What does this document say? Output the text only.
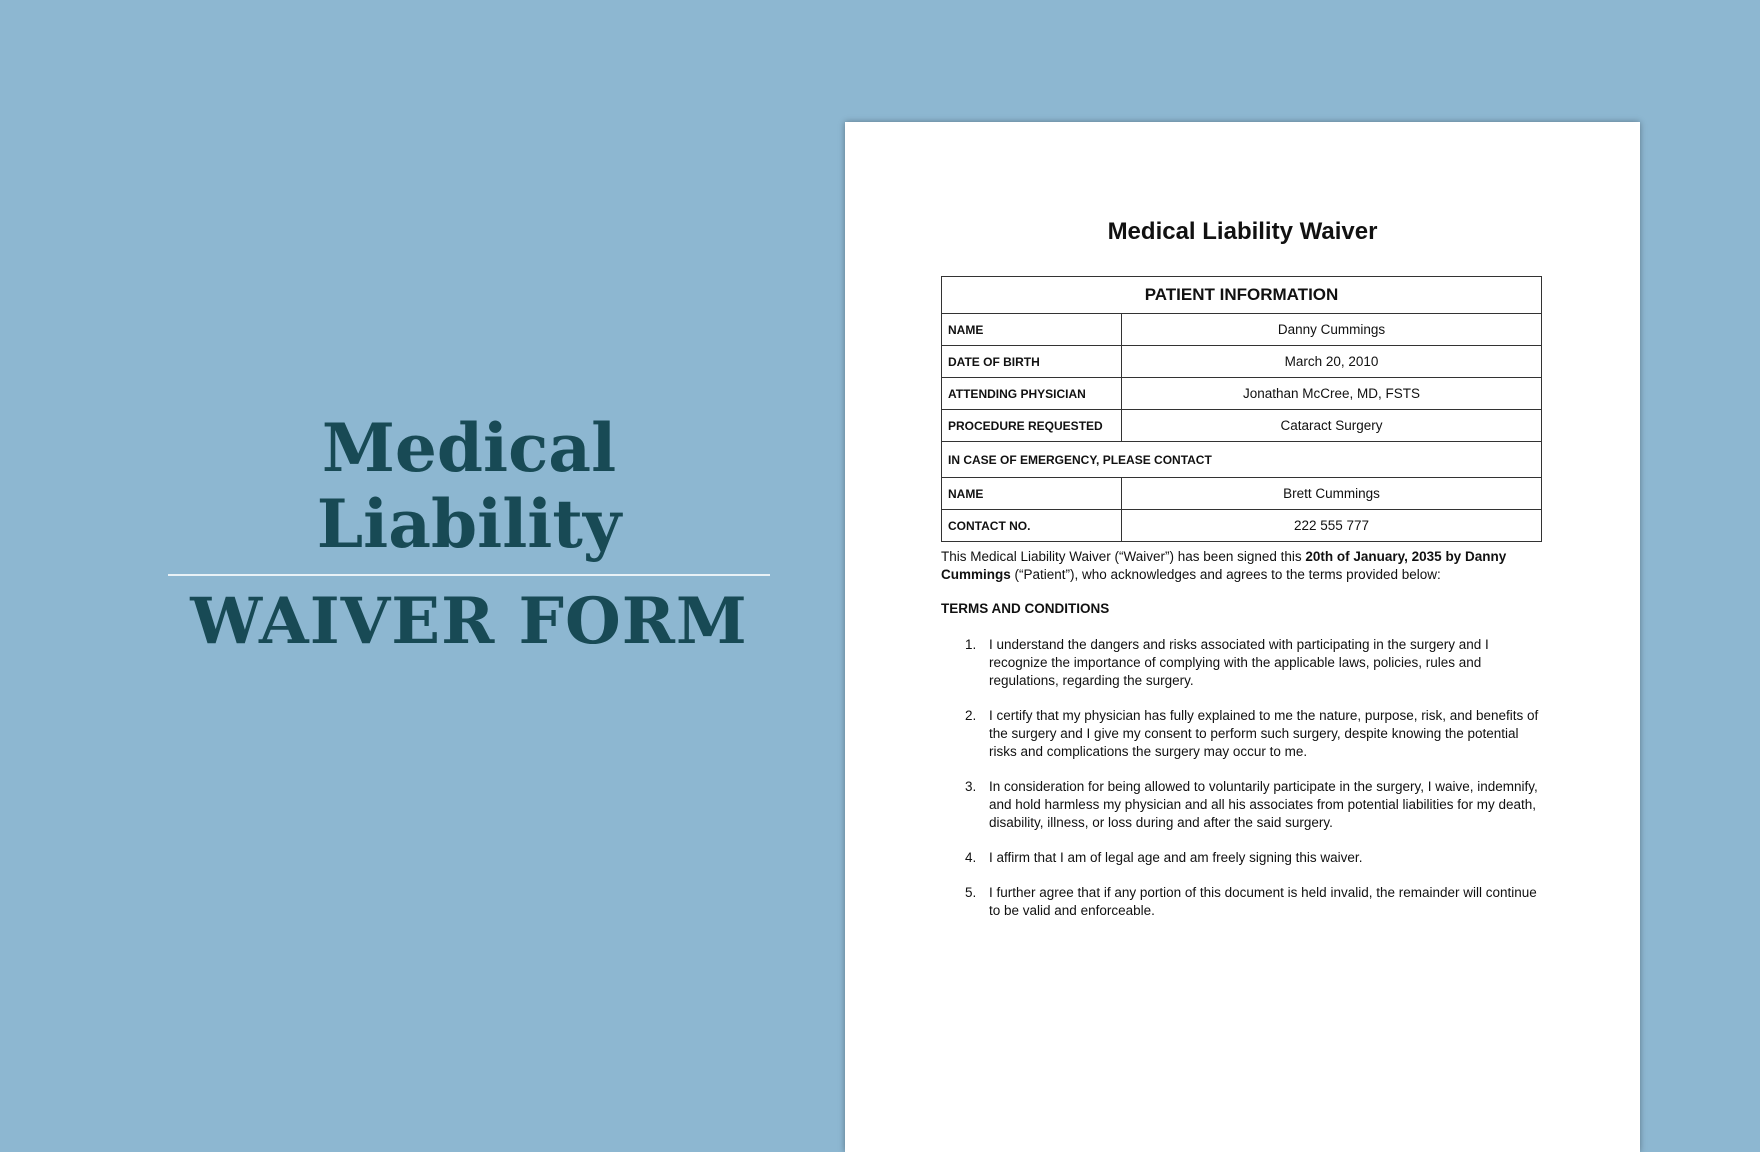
Medical Liability
WAIVER FORM
Medical Liability Waiver
PATIENT INFORMATION	
NAME	Danny Cummings
DATE OF BIRTH	March 20, 2010
ATTENDING PHYSICIAN	Jonathan McCree, MD, FSTS
PROCEDURE REQUESTED	Cataract Surgery
IN CASE OF EMERGENCY, PLEASE CONTACT	
NAME	Brett Cummings
CONTACT NO.	222 555 777
This Medical Liability Waiver (“Waiver”) has been signed this 20th of January, 2035 by Danny Cummings (“Patient”), who acknowledges and agrees to the terms provided below:
TERMS AND CONDITIONS
1. I understand the dangers and risks associated with participating in the surgery and I recognize the importance of complying with the applicable laws, policies, rules and regulations, regarding the surgery.
2. I certify that my physician has fully explained to me the nature, purpose, risk, and benefits of the surgery and I give my consent to perform such surgery, despite knowing the potential risks and complications the surgery may occur to me.
3. In consideration for being allowed to voluntarily participate in the surgery, I waive, indemnify, and hold harmless my physician and all his associates from potential liabilities for my death, disability, illness, or loss during and after the said surgery.
4. I affirm that I am of legal age and am freely signing this waiver.
5. I further agree that if any portion of this document is held invalid, the remainder will continue to be valid and enforceable.
